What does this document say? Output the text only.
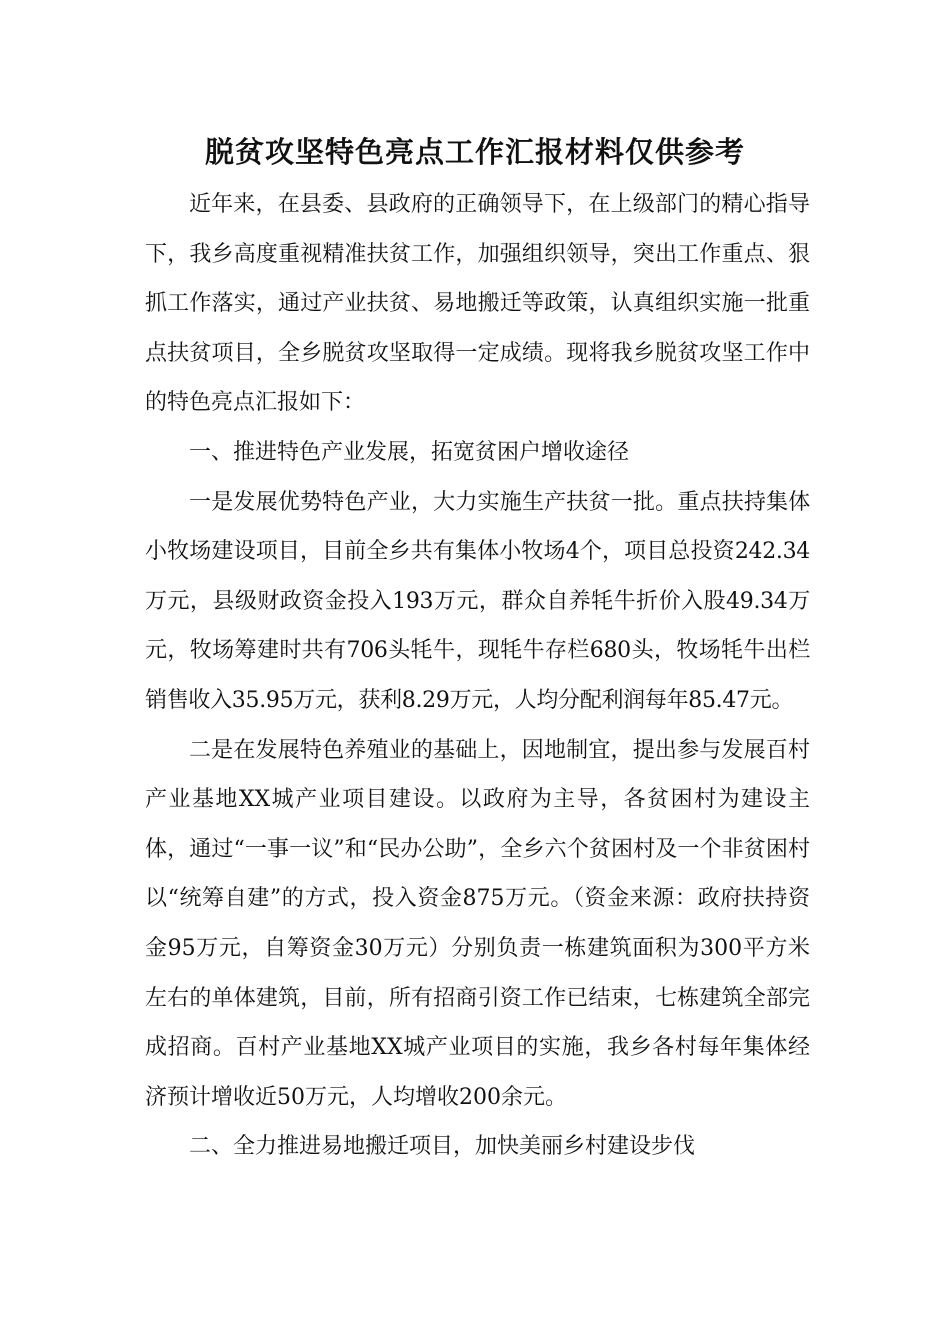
脱贫攻坚特色亮点工作汇报材料仅供参考

近年来，在县委、县政府的正确领导下，在上级部门的精心指导下，我乡高度重视精准扶贫工作，加强组织领导，突出工作重点、狠抓工作落实，通过产业扶贫、易地搬迁等政策，认真组织实施一批重点扶贫项目，全乡脱贫攻坚取得一定成绩。现将我乡脱贫攻坚工作中的特色亮点汇报如下：

一、推进特色产业发展，拓宽贫困户增收途径

一是发展优势特色产业，大力实施生产扶贫一批。重点扶持集体小牧场建设项目，目前全乡共有集体小牧场4个，项目总投资242.34万元，县级财政资金投入193万元，群众自养牦牛折价入股49.34万元，牧场筹建时共有706头牦牛，现牦牛存栏680头，牧场牦牛出栏销售收入35.95万元，获利8.29万元，人均分配利润每年85.47元。

二是在发展特色养殖业的基础上，因地制宜，提出参与发展百村产业基地XX城产业项目建设。以政府为主导，各贫困村为建设主体，通过“一事一议”和“民办公助”，全乡六个贫困村及一个非贫困村以“统筹自建”的方式，投入资金875万元。（资金来源：政府扶持资金95万元，自筹资金30万元）分别负责一栋建筑面积为300平方米左右的单体建筑，目前，所有招商引资工作已结束，七栋建筑全部完成招商。百村产业基地XX城产业项目的实施，我乡各村每年集体经济预计增收近50万元，人均增收200余元。

二、全力推进易地搬迁项目，加快美丽乡村建设步伐
